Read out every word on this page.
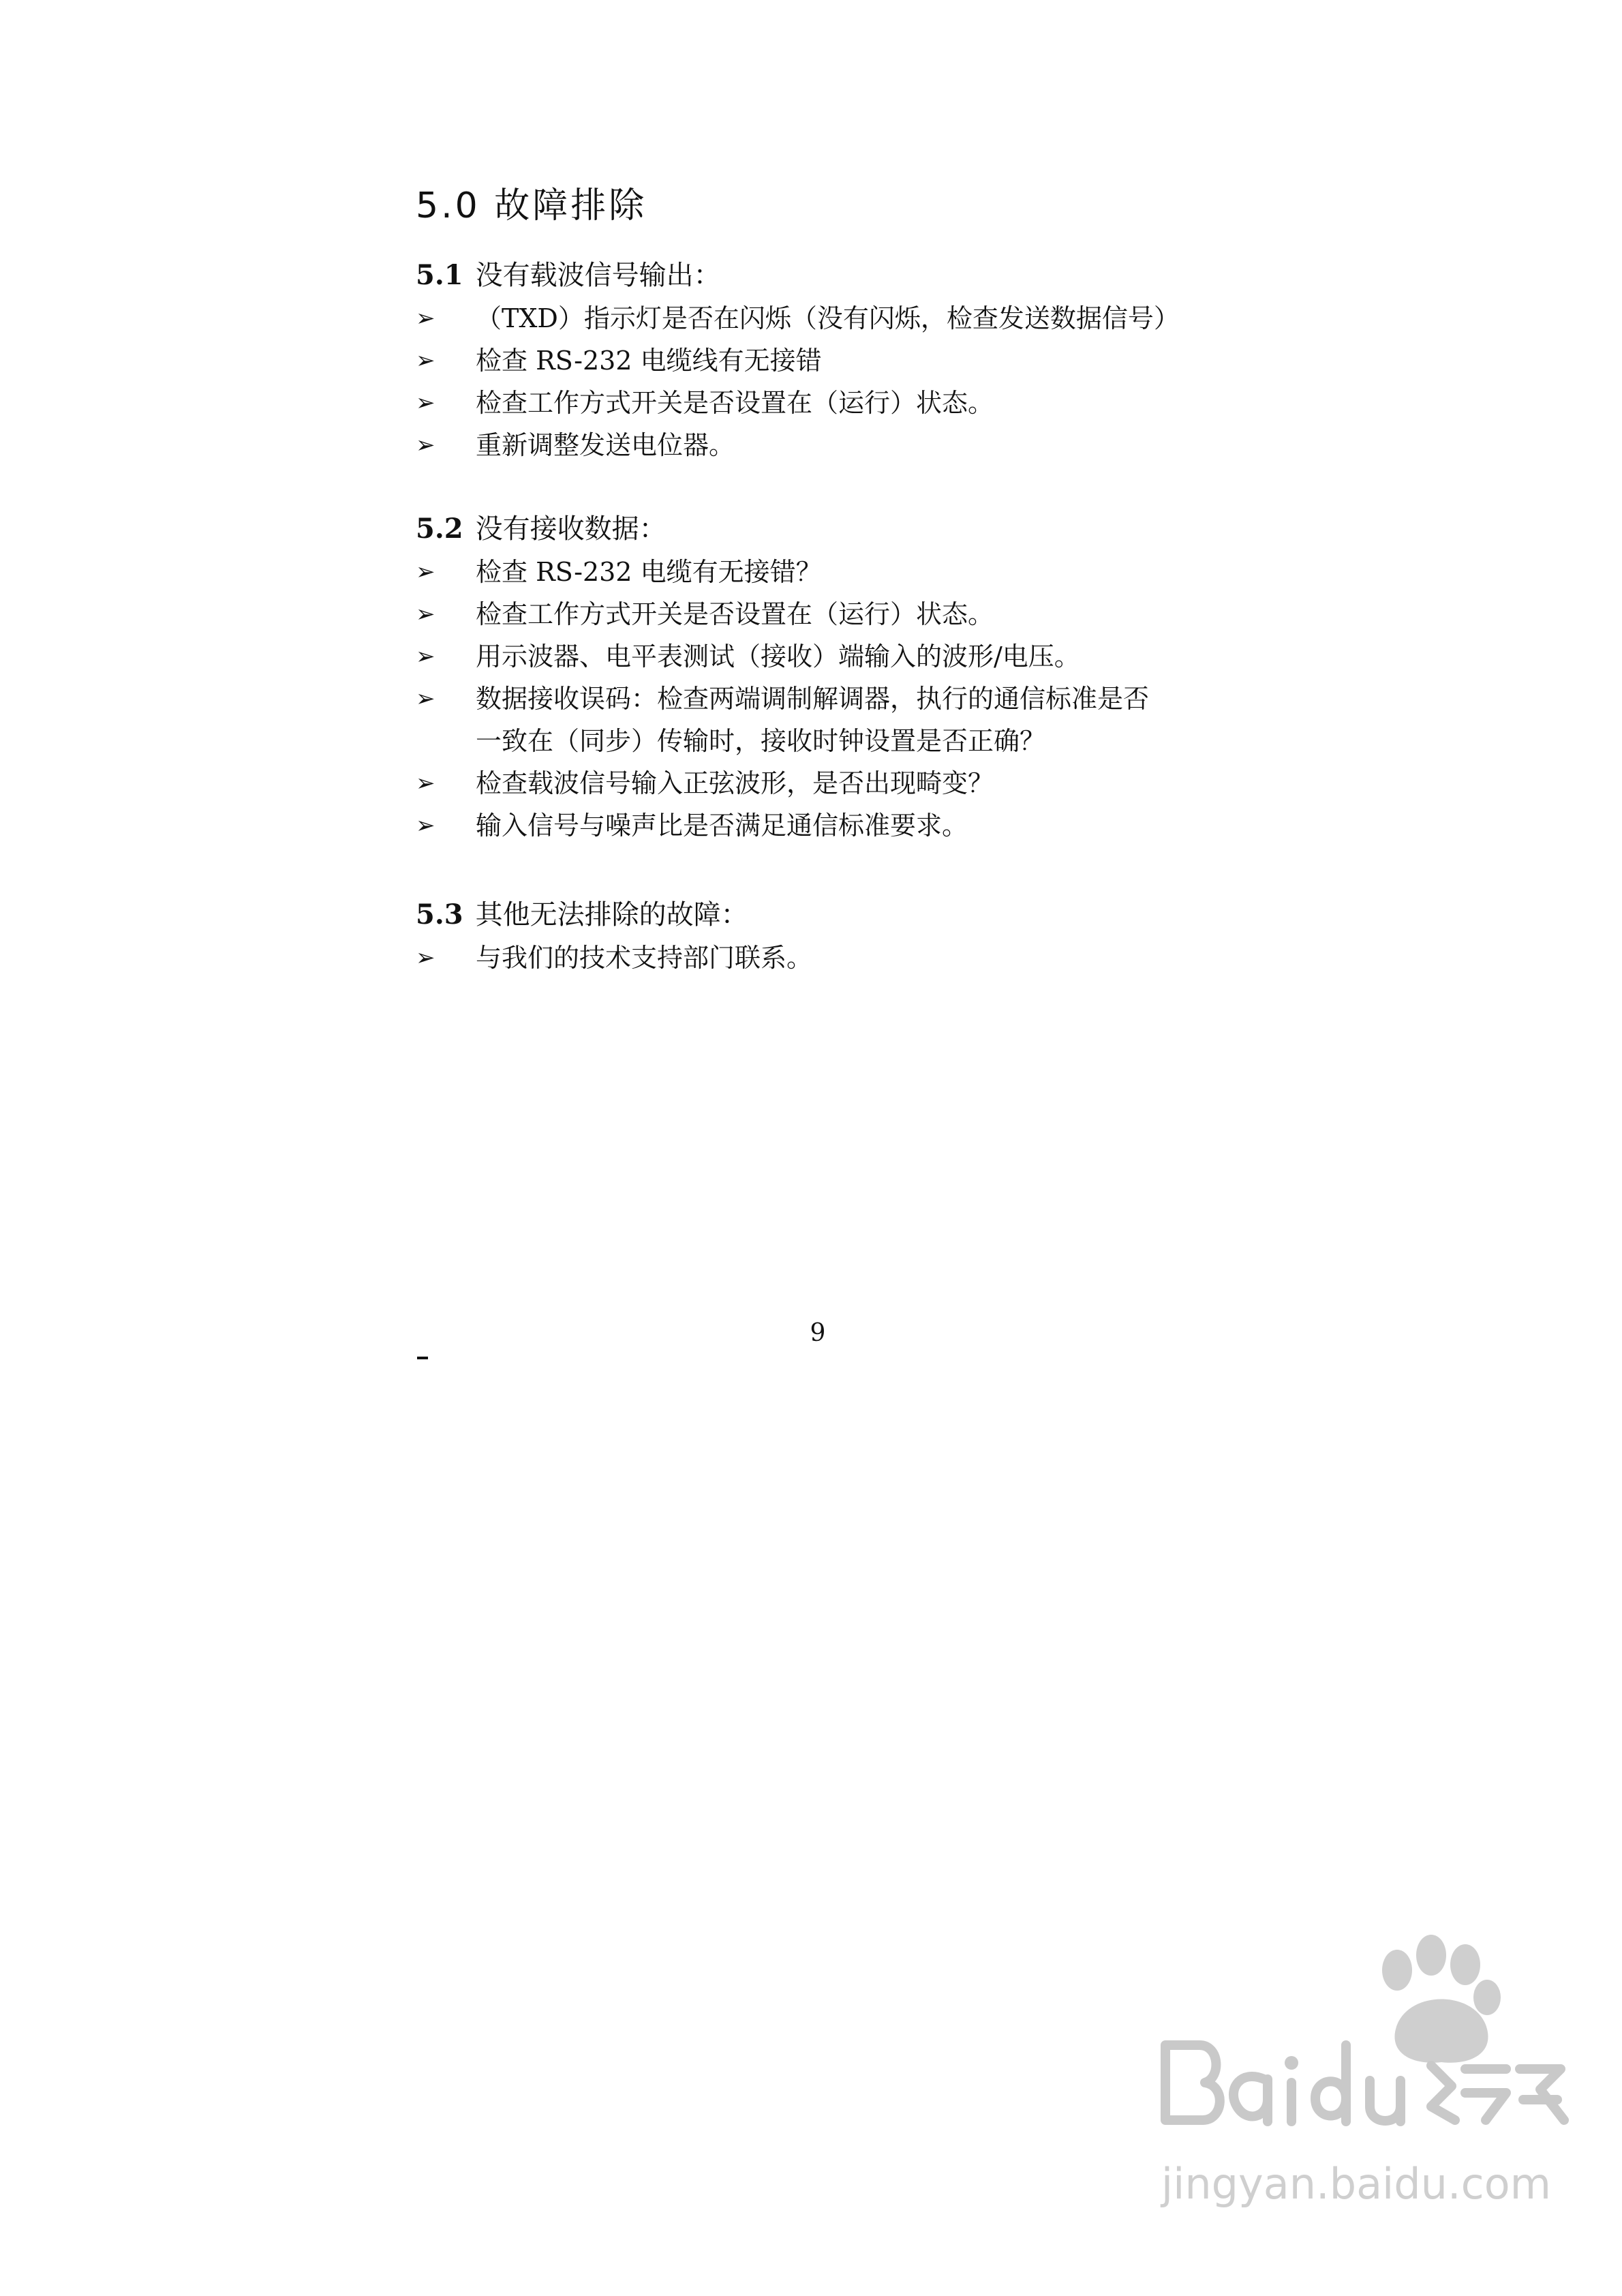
5.0 故障排除
5.1 没有载波信号输出：
➢	（TXD）指示灯是否在闪烁（没有闪烁，检查发送数据信号）
➢	检查 RS-232 电缆线有无接错
➢	检查工作方式开关是否设置在（运行）状态。
➢	重新调整发送电位器。
5.2 没有接收数据：
➢	检查 RS-232 电缆有无接错？
➢	检查工作方式开关是否设置在（运行）状态。
➢	用示波器、电平表测试（接收）端输入的波形/电压。
➢	数据接收误码：检查两端调制解调器，执行的通信标准是否
一致在（同步）传输时，接收时钟设置是否正确？
➢	检查载波信号输入正弦波形，是否出现畸变？
➢	输入信号与噪声比是否满足通信标准要求。
5.3 其他无法排除的故障：
➢	与我们的技术支持部门联系。
9
jingyan.baidu.com
